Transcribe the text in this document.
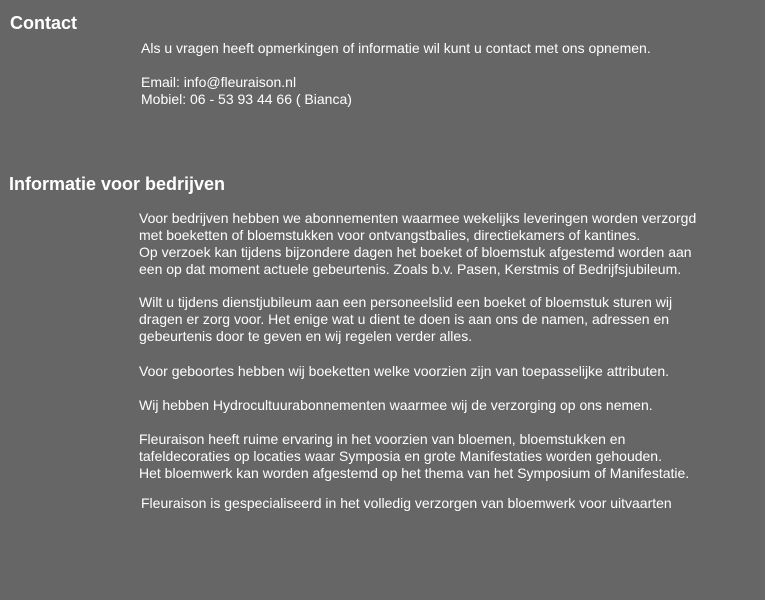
Contact
Als u vragen heeft opmerkingen of informatie wil kunt u contact met ons opnemen.
Email: info@fleuraison.nl
Mobiel: 06 - 53 93 44 66 ( Bianca)
Informatie voor bedrijven
Voor bedrijven hebben we abonnementen waarmee wekelijks leveringen worden verzorgd
met boeketten of bloemstukken voor ontvangstbalies, directiekamers of kantines.
Op verzoek kan tijdens bijzondere dagen het boeket of bloemstuk afgestemd worden aan
een op dat moment actuele gebeurtenis. Zoals b.v. Pasen, Kerstmis of Bedrijfsjubileum.
Wilt u tijdens dienstjubileum aan een personeelslid een boeket of bloemstuk sturen wij
dragen er zorg voor. Het enige wat u dient te doen is aan ons de namen, adressen en
gebeurtenis door te geven en wij regelen verder alles.
Voor geboortes hebben wij boeketten welke voorzien zijn van toepasselijke attributen.
Wij hebben Hydrocultuurabonnementen waarmee wij de verzorging op ons nemen.
Fleuraison heeft ruime ervaring in het voorzien van bloemen, bloemstukken en
tafeldecoraties op locaties waar Symposia en grote Manifestaties worden gehouden.
Het bloemwerk kan worden afgestemd op het thema van het Symposium of Manifestatie.
Fleuraison is gespecialiseerd in het volledig verzorgen van bloemwerk voor uitvaarten
